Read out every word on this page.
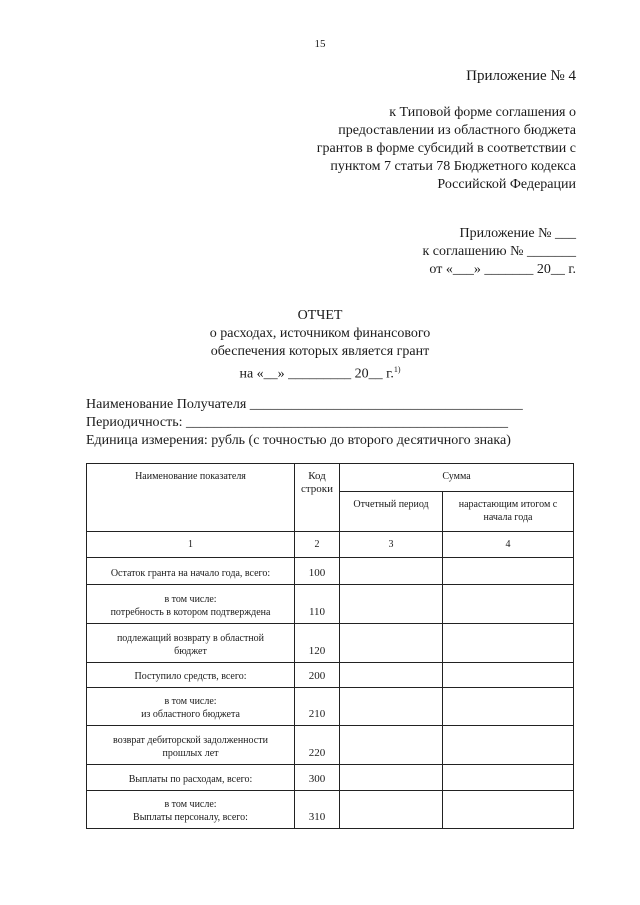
15
Приложение № 4
к Типовой форме соглашения о
предоставлении из областного бюджета
грантов в форме субсидий в соответствии с
пунктом 7 статьи 78 Бюджетного кодекса
Российской Федерации
Приложение № ___
к соглашению № _______
от «___» _______ 20__ г.
ОТЧЕТ
о расходах, источником финансового
обеспечения которых является грант
на «__» _________ 20__ г.$^{1)}$
Наименование Получателя _______________________________________
Периодичность: ______________________________________________
Единица измерения: рубль (с точностью до второго десятичного знака)
Наименование показателя	Код строки	Сумма	
		Отчетный период	нарастающим итогом с начала года
1	2	3	4

Остаток гранта на начало года, всего:	100		

в том числе:
потребность в котором подтверждена	110		

подлежащий возврату в областной
бюджет	120		

Поступило средств, всего:	200		

в том числе:
из областного бюджета	210		

возврат дебиторской задолженности
прошлых лет	220		

Выплаты по расходам, всего:	300		

в том числе:
Выплаты персоналу, всего:	310		
